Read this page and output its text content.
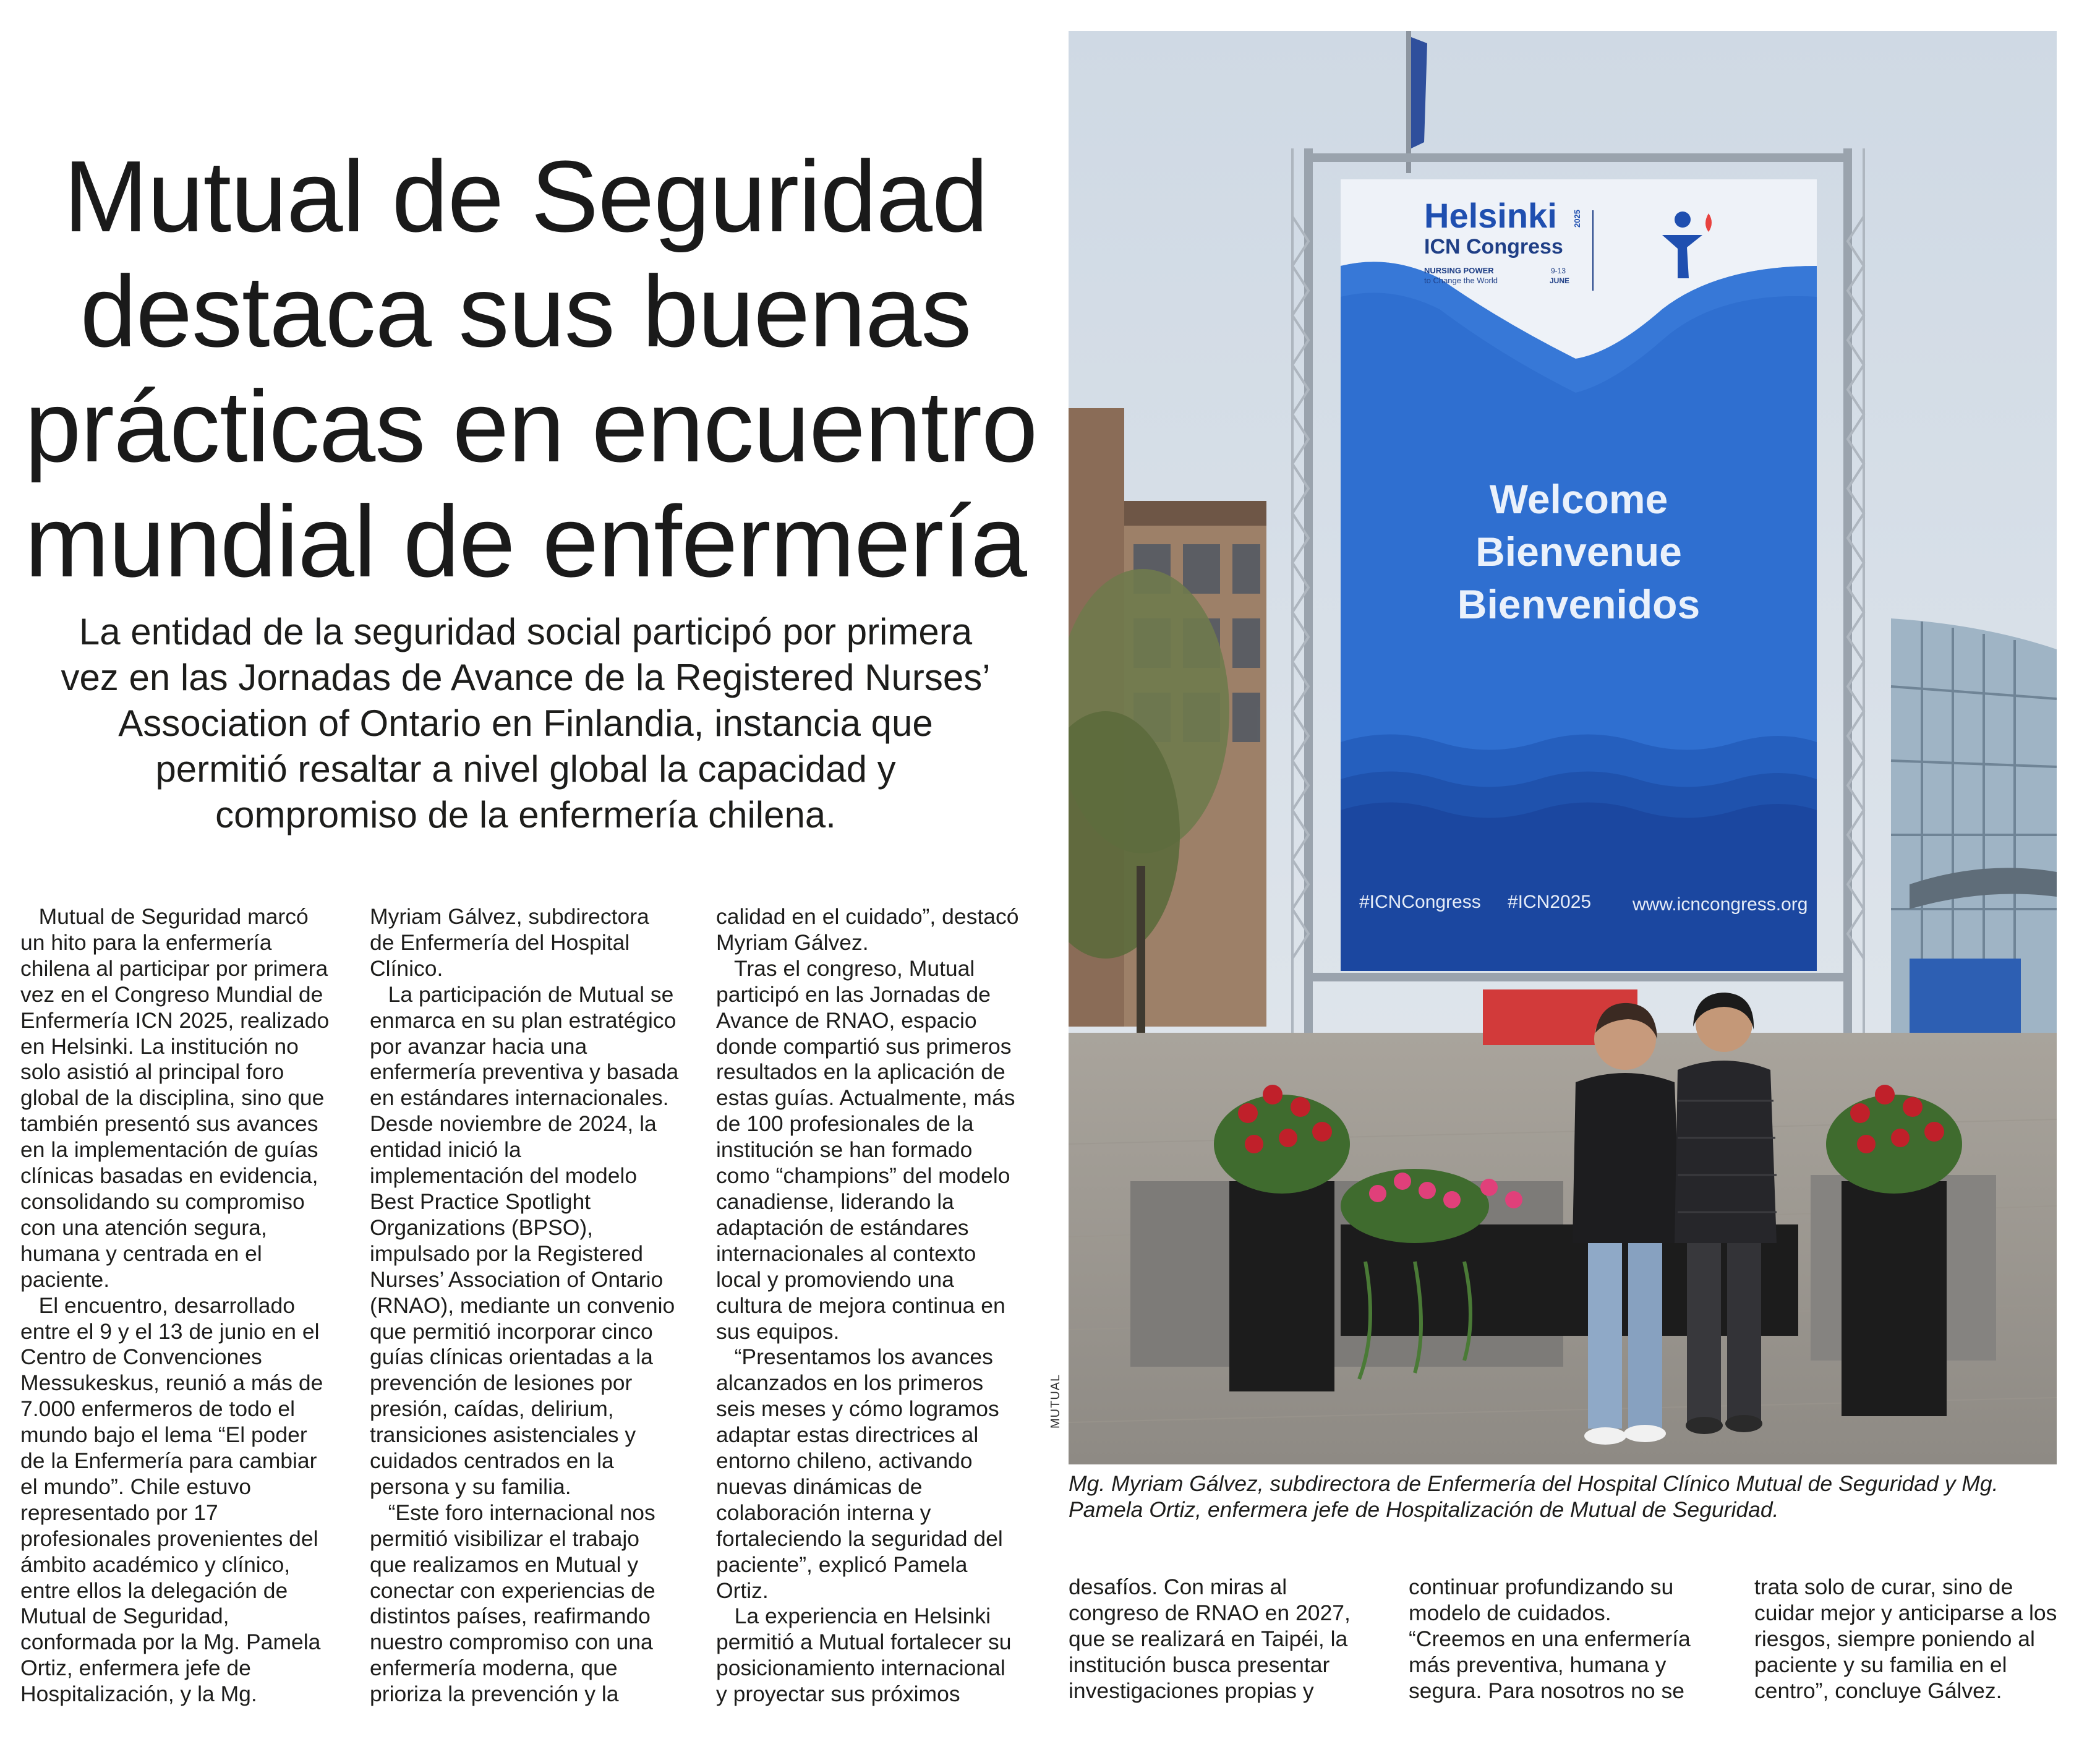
Mutual de Seguridad
destaca sus buenas
prácticas en encuentro
mundial de enfermería
La entidad de la seguridad social participó por primera
vez en las Jornadas de Avance de la Registered Nurses’
Association of Ontario en Finlandia, instancia que
permitió resaltar a nivel global la capacidad y
compromiso de la enfermería chilena.
Mutual de Seguridad marcó
un hito para la enfermería
chilena al participar por primera
vez en el Congreso Mundial de
Enfermería ICN 2025, realizado
en Helsinki. La institución no
solo asistió al principal foro
global de la disciplina, sino que
también presentó sus avances
en la implementación de guías
clínicas basadas en evidencia,
consolidando su compromiso
con una atención segura,
humana y centrada en el
paciente.
El encuentro, desarrollado
entre el 9 y el 13 de junio en el
Centro de Convenciones
Messukeskus, reunió a más de
7.000 enfermeros de todo el
mundo bajo el lema “El poder
de la Enfermería para cambiar
el mundo”. Chile estuvo
representado por 17
profesionales provenientes del
ámbito académico y clínico,
entre ellos la delegación de
Mutual de Seguridad,
conformada por la Mg. Pamela
Ortiz, enfermera jefe de
Hospitalización, y la Mg.
Myriam Gálvez, subdirectora
de Enfermería del Hospital
Clínico.
La participación de Mutual se
enmarca en su plan estratégico
por avanzar hacia una
enfermería preventiva y basada
en estándares internacionales.
Desde noviembre de 2024, la
entidad inició la
implementación del modelo
Best Practice Spotlight
Organizations (BPSO),
impulsado por la Registered
Nurses’ Association of Ontario
(RNAO), mediante un convenio
que permitió incorporar cinco
guías clínicas orientadas a la
prevención de lesiones por
presión, caídas, delirium,
transiciones asistenciales y
cuidados centrados en la
persona y su familia.
“Este foro internacional nos
permitió visibilizar el trabajo
que realizamos en Mutual y
conectar con experiencias de
distintos países, reafirmando
nuestro compromiso con una
enfermería moderna, que
prioriza la prevención y la
calidad en el cuidado”, destacó
Myriam Gálvez.
Tras el congreso, Mutual
participó en las Jornadas de
Avance de RNAO, espacio
donde compartió sus primeros
resultados en la aplicación de
estas guías. Actualmente, más
de 100 profesionales de la
institución se han formado
como “champions” del modelo
canadiense, liderando la
adaptación de estándares
internacionales al contexto
local y promoviendo una
cultura de mejora continua en
sus equipos.
“Presentamos los avances
alcanzados en los primeros
seis meses y cómo logramos
adaptar estas directrices al
entorno chileno, activando
nuevas dinámicas de
colaboración interna y
fortaleciendo la seguridad del
paciente”, explicó Pamela
Ortiz.
La experiencia en Helsinki
permitió a Mutual fortalecer su
posicionamiento internacional
y proyectar sus próximos
desafíos. Con miras al
congreso de RNAO en 2027,
que se realizará en Taipéi, la
institución busca presentar
investigaciones propias y
continuar profundizando su
modelo de cuidados.
“Creemos en una enfermería
más preventiva, humana y
segura. Para nosotros no se
trata solo de curar, sino de
cuidar mejor y anticiparse a los
riesgos, siempre poniendo al
paciente y su familia en el
centro”, concluye Gálvez.
Helsinki 2025
ICN Congress
NURSING POWER
to Change the World
9-13
JUNE
Welcome
Bienvenue
Bienvenidos
#ICNCongress #ICN2025 www.icncongress.org
MUTUAL
Mg. Myriam Gálvez, subdirectora de Enfermería del Hospital Clínico Mutual de Seguridad y Mg.
Pamela Ortiz, enfermera jefe de Hospitalización de Mutual de Seguridad.
